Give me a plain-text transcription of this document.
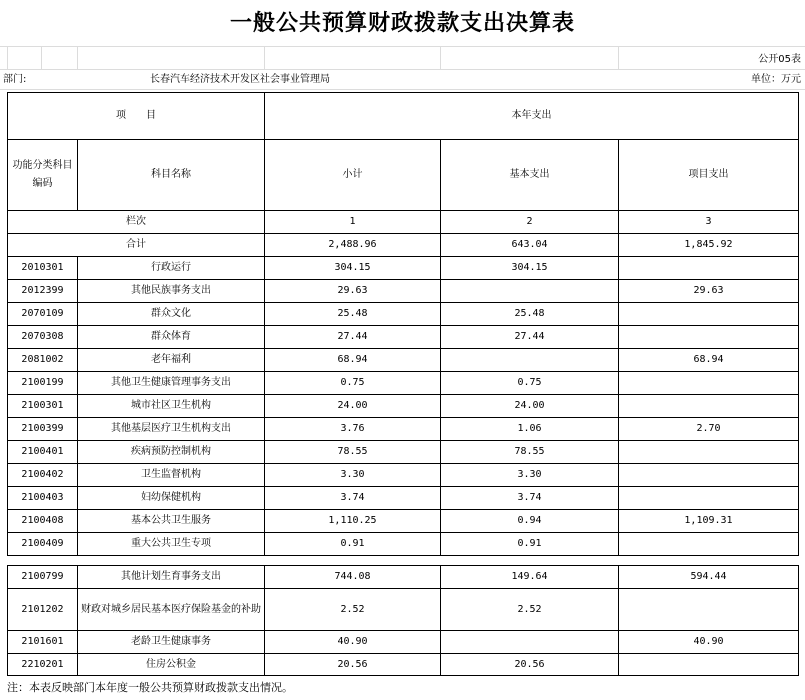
一般公共预算财政拨款支出决算表
公开05表
部门:	长春汽车经济技术开发区社会事业管理局	单位：万元
项　　目		本年支出		
功能分类科目编码	科目名称	小计	基本支出	项目支出
栏次		1	2	3
合计		2,488.96	643.04	1,845.92
2010301	行政运行	304.15	304.15	
2012399	其他民族事务支出	29.63		29.63
2070109	群众文化	25.48	25.48	
2070308	群众体育	27.44	27.44	
2081002	老年福利	68.94		68.94
2100199	其他卫生健康管理事务支出	0.75	0.75	
2100301	城市社区卫生机构	24.00	24.00	
2100399	其他基层医疗卫生机构支出	3.76	1.06	2.70
2100401	疾病预防控制机构	78.55	78.55	
2100402	卫生监督机构	3.30	3.30	
2100403	妇幼保健机构	3.74	3.74	
2100408	基本公共卫生服务	1,110.25	0.94	1,109.31
2100409	重大公共卫生专项	0.91	0.91	
2100799	其他计划生育事务支出	744.08	149.64	594.44
2101202	财政对城乡居民基本医疗保险基金的补助	2.52	2.52	
2101601	老龄卫生健康事务	40.90		40.90
2210201	住房公积金	20.56	20.56	
注：本表反映部门本年度一般公共预算财政拨款支出情况。
